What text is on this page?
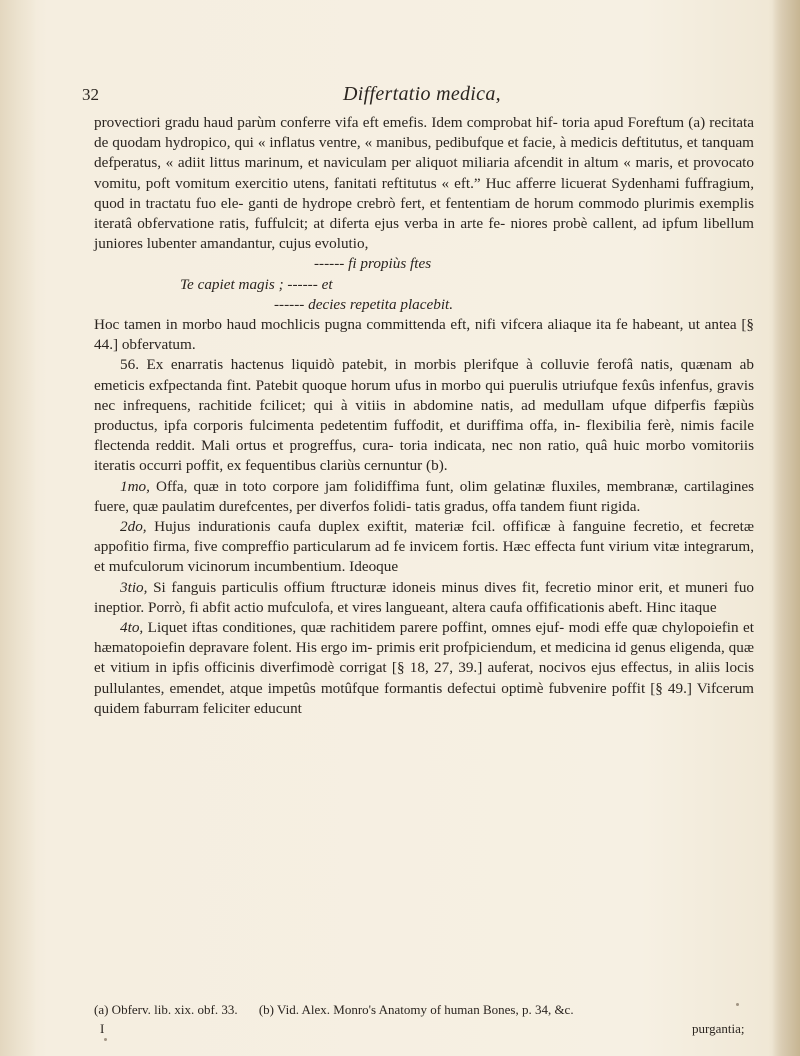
32	Differtatio medica,

provectiori gradu haud parùm conferre vifa eft emefis. Idem comprobat hif- toria apud Foreftum (a) recitata de quodam hydropico, qui « inflatus ventre, « manibus, pedibufque et facie, à medicis deftitutus, et tanquam defperatus, « adiit littus marinum, et naviculam per aliquot miliaria afcendit in altum « maris, et provocato vomitu, poft vomitum exercitio utens, fanitati reftitutus « eft.” Huc afferre licuerat Sydenhami fuffragium, quod in tractatu fuo ele- ganti de hydrope crebrò fert, et fententiam de horum commodo plurimis exemplis iteratâ obfervatione ratis, fuffulcit; at diferta ejus verba in arte fe- niores probè callent, ad ipfum libellum juniores lubenter amandantur, cujus evolutio,

------ fi propiùs ftes
Te capiet magis ; ------ et
------ decies repetita placebit.

Hoc tamen in morbo haud mochlicis pugna committenda eft, nifi vifcera aliaque ita fe habeant, ut antea [§ 44.] obfervatum.

56. Ex enarratis hactenus liquidò patebit, in morbis plerifque à colluvie ferofâ natis, quænam ab emeticis exfpectanda fint. Patebit quoque horum ufus in morbo qui puerulis utriufque fexûs infenfus, gravis nec infrequens, rachitide fcilicet; qui à vitiis in abdomine natis, ad medullam ufque difperfis fæpiùs productus, ipfa corporis fulcimenta pedetentim fuffodit, et duriffima offa, in- flexibilia ferè, nimis facile flectenda reddit. Mali ortus et progreffus, cura- toria indicata, nec non ratio, quâ huic morbo vomitoriis iteratis occurri poffit, ex fequentibus clariùs cernuntur (b).

1mo, Offa, quæ in toto corpore jam folidiffima funt, olim gelatinæ fluxiles, membranæ, cartilagines fuere, quæ paulatim durefcentes, per diverfos folidi- tatis gradus, offa tandem fiunt rigida.

2do, Hujus indurationis caufa duplex exiftit, materiæ fcil. offificæ à fanguine fecretio, et fecretæ appofitio firma, five compreffio particularum ad fe invicem fortis. Hæc effecta funt virium vitæ integrarum, et mufculorum vicinorum incumbentium. Ideoque

3tio, Si fanguis particulis offium ftructuræ idoneis minus dives fit, fecretio minor erit, et muneri fuo ineptior. Porrò, fi abfit actio mufculofa, et vires langueant, altera caufa offificationis abeft. Hinc itaque

4to, Liquet iftas conditiones, quæ rachitidem parere poffint, omnes ejuf- modi effe quæ chylopoiefin et hæmatopoiefin depravare folent. His ergo im- primis erit profpiciendum, et medicina id genus eligenda, quæ et vitium in ipfis officinis diverfimodè corrigat [§ 18, 27, 39.] auferat, nocivos ejus effectus, in aliis locis pullulantes, emendet, atque impetûs motûfque formantis defectui optimè fubvenire poffit [§ 49.] Vifcerum quidem faburram feliciter educunt

(a) Obferv. lib. xix. obf. 33. (b) Vid. Alex. Monro's Anatomy of human Bones, p. 34, &c.
I	purgantia;
